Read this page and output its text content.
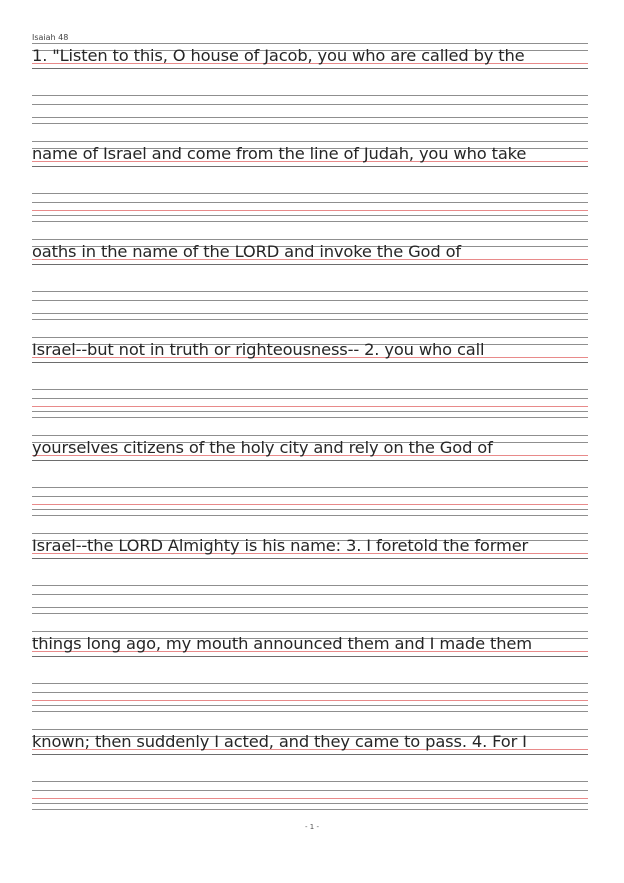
Isaiah 48
1. "Listen to this, O house of Jacob, you who are called by the
name of Israel and come from the line of Judah, you who take
oaths in the name of the LORD and invoke the God of
Israel--but not in truth or righteousness-- 2. you who call
yourselves citizens of the holy city and rely on the God of
Israel--the LORD Almighty is his name: 3. I foretold the former
things long ago, my mouth announced them and I made them
known; then suddenly I acted, and they came to pass. 4. For I
- 1 -
